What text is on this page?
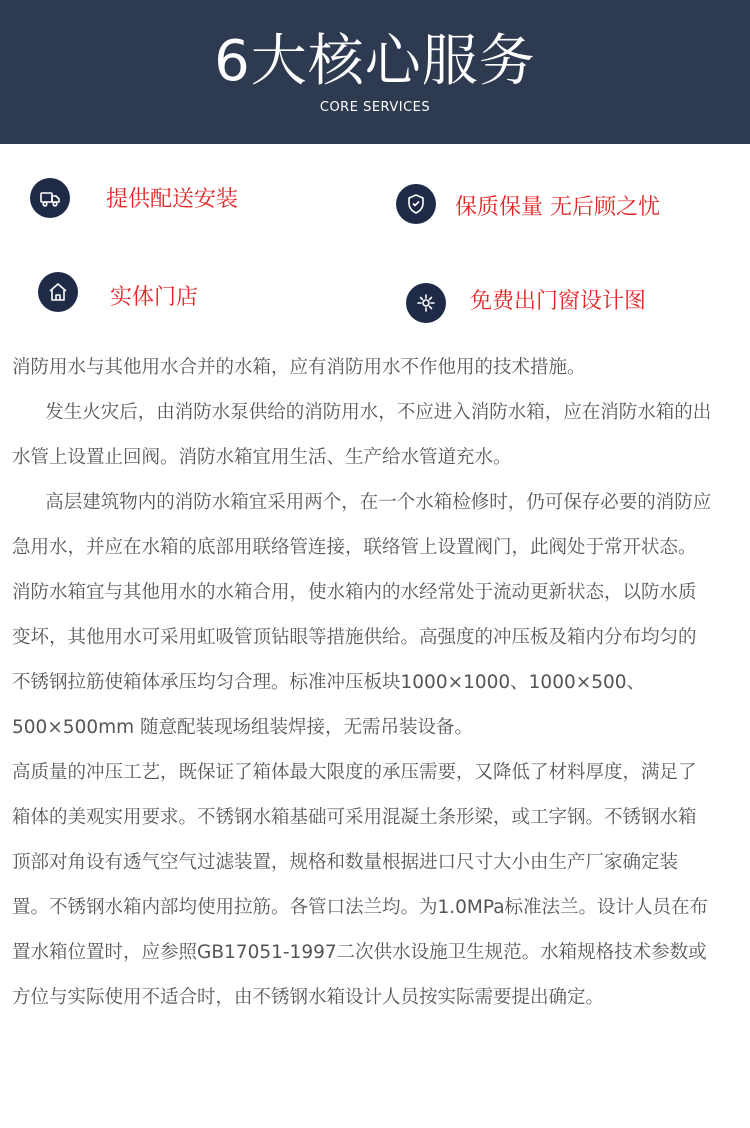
6大核心服务
CORE SERVICES
提供配送安装	保质保量 无后顾之忧
实体门店	免费出门窗设计图

消防用水与其他用水合并的水箱，应有消防用水不作他用的技术措施。

发生火灾后，由消防水泵供给的消防用水，不应进入消防水箱，应在消防水箱的出水管上设置止回阀。消防水箱宜用生活、生产给水管道充水。

高层建筑物内的消防水箱宜采用两个，在一个水箱检修时，仍可保存必要的消防应急用水，并应在水箱的底部用联络管连接，联络管上设置阀门，此阀处于常开状态。消防水箱宜与其他用水的水箱合用，使水箱内的水经常处于流动更新状态，以防水质变坏，其他用水可采用虹吸管顶钻眼等措施供给。高强度的冲压板及箱内分布均匀的不锈钢拉筋使箱体承压均匀合理。标准冲压板块1000×1000、1000×500、500×500mm 随意配装现场组装焊接，无需吊装设备。

高质量的冲压工艺，既保证了箱体最大限度的承压需要，又降低了材料厚度，满足了箱体的美观实用要求。不锈钢水箱基础可采用混凝土条形梁，或工字钢。不锈钢水箱顶部对角设有透气空气过滤装置，规格和数量根据进口尺寸大小由生产厂家确定装置。不锈钢水箱内部均使用拉筋。各管口法兰均。为1.0MPa标准法兰。设计人员在布置水箱位置时，应参照GB17051-1997二次供水设施卫生规范。水箱规格技术参数或方位与实际使用不适合时，由不锈钢水箱设计人员按实际需要提出确定。
